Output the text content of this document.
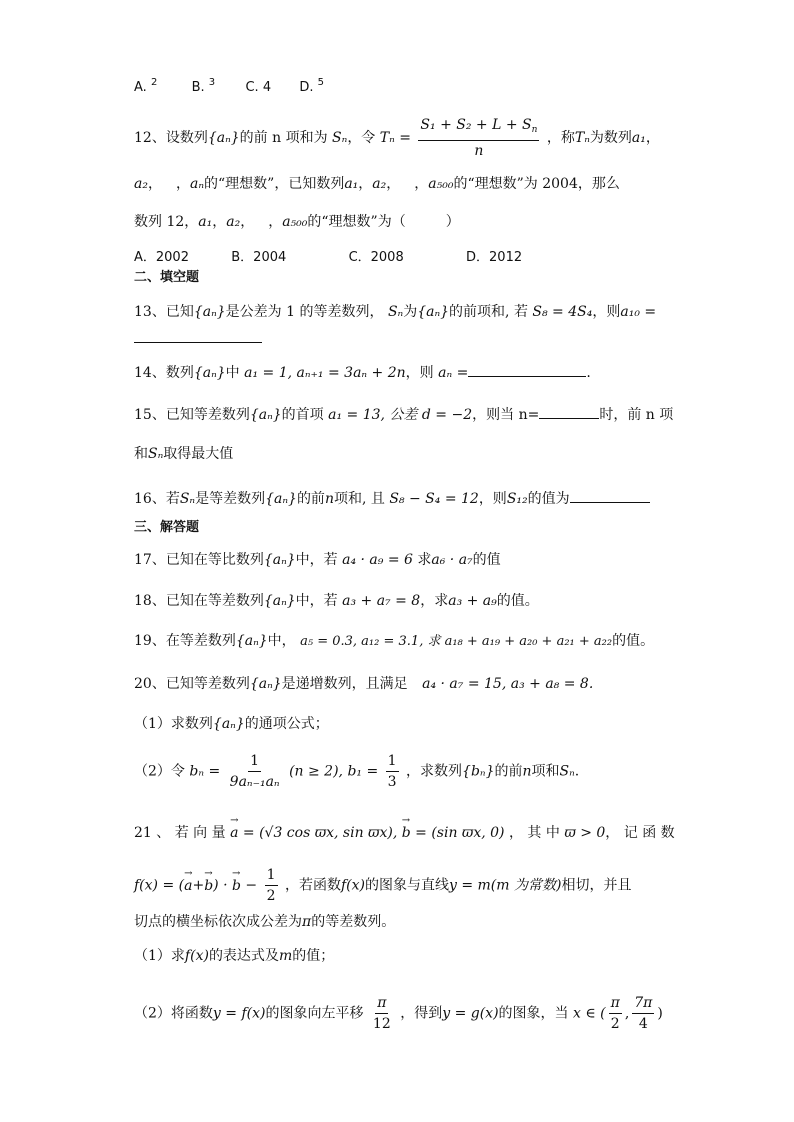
A. $^2$	B. $^3$ C. 4 D. $^5$
12、设数列{aₙ}的前 n 项和为 Sₙ，令 $T_n = \frac{S_1 + S_2 + L + S_n}{n}$ ，称Tₙ为数列a₁，
a₂， ，aₙ的“理想数”，已知数列a₁，a₂， ，a₅₀₀的“理想数”为 2004，那么
数列 12，a₁，a₂， ，a₅₀₀的“理想数”为（	）
A．2002	B．2004	C．2008	D．2012
二、填空题
13、已知{aₙ}是公差为 1 的等差数列， Sₙ为{aₙ}的前项和, 若 S₈ = 4S₄，则a₁₀ =
14、数列{aₙ}中 a₁ = 1, aₙ₊₁ = 3aₙ + 2n，则 aₙ =	.
15、已知等差数列{aₙ}的首项 a₁ = 13, 公差 d = −2，则当 n=	时，前 n 项
和Sₙ取得最大值
16、若Sₙ是等差数列{aₙ}的前n项和, 且 S₈ − S₄ = 12，则S₁₂的值为
三、解答题
17、已知在等比数列{aₙ}中，若 a₄ · a₉ = 6 求a₆ · a₇的值
18、已知在等差数列{aₙ}中，若 a₃ + a₇ = 8，求a₃ + a₉的值。
19、在等差数列{aₙ}中， a₅ = 0.3, a₁₂ = 3.1, 求 a₁₈ + a₁₉ + a₂₀ + a₂₁ + a₂₂的值。
20、已知等差数列{aₙ}是递增数列，且满足 a₄ · a₇ = 15, a₃ + a₈ = 8.
（1）求数列{aₙ}的通项公式；
（2）令 $b_n = \frac{1}{\text{9aₙ₋₁aₙ}} (n \ge 2)$, $b_1 = \frac{1}{3}$ ，求数列{bₙ}的前n项和Sₙ.
21 、 若 向 量 → a = (√3 cos ϖx, sin ϖx), → b = (sin ϖx, 0) ， 其 中 ϖ > 0， 记 函 数
f(x) = (→ a+→ b) · → $b - \frac{1}{2}$ ，若函数f(x)的图象与直线y = m(m 为常数)相切，并且
切点的横坐标依次成公差为π的等差数列。
（1）求f(x)的表达式及m的值；
（2）将函数y = f(x)的图象向左平移 $\frac{\pi}{12}$ ，得到y = g(x)的图象，当 x ∈ ( $\frac{\pi}{2}$ , $\frac{7\pi}{4}$ )
